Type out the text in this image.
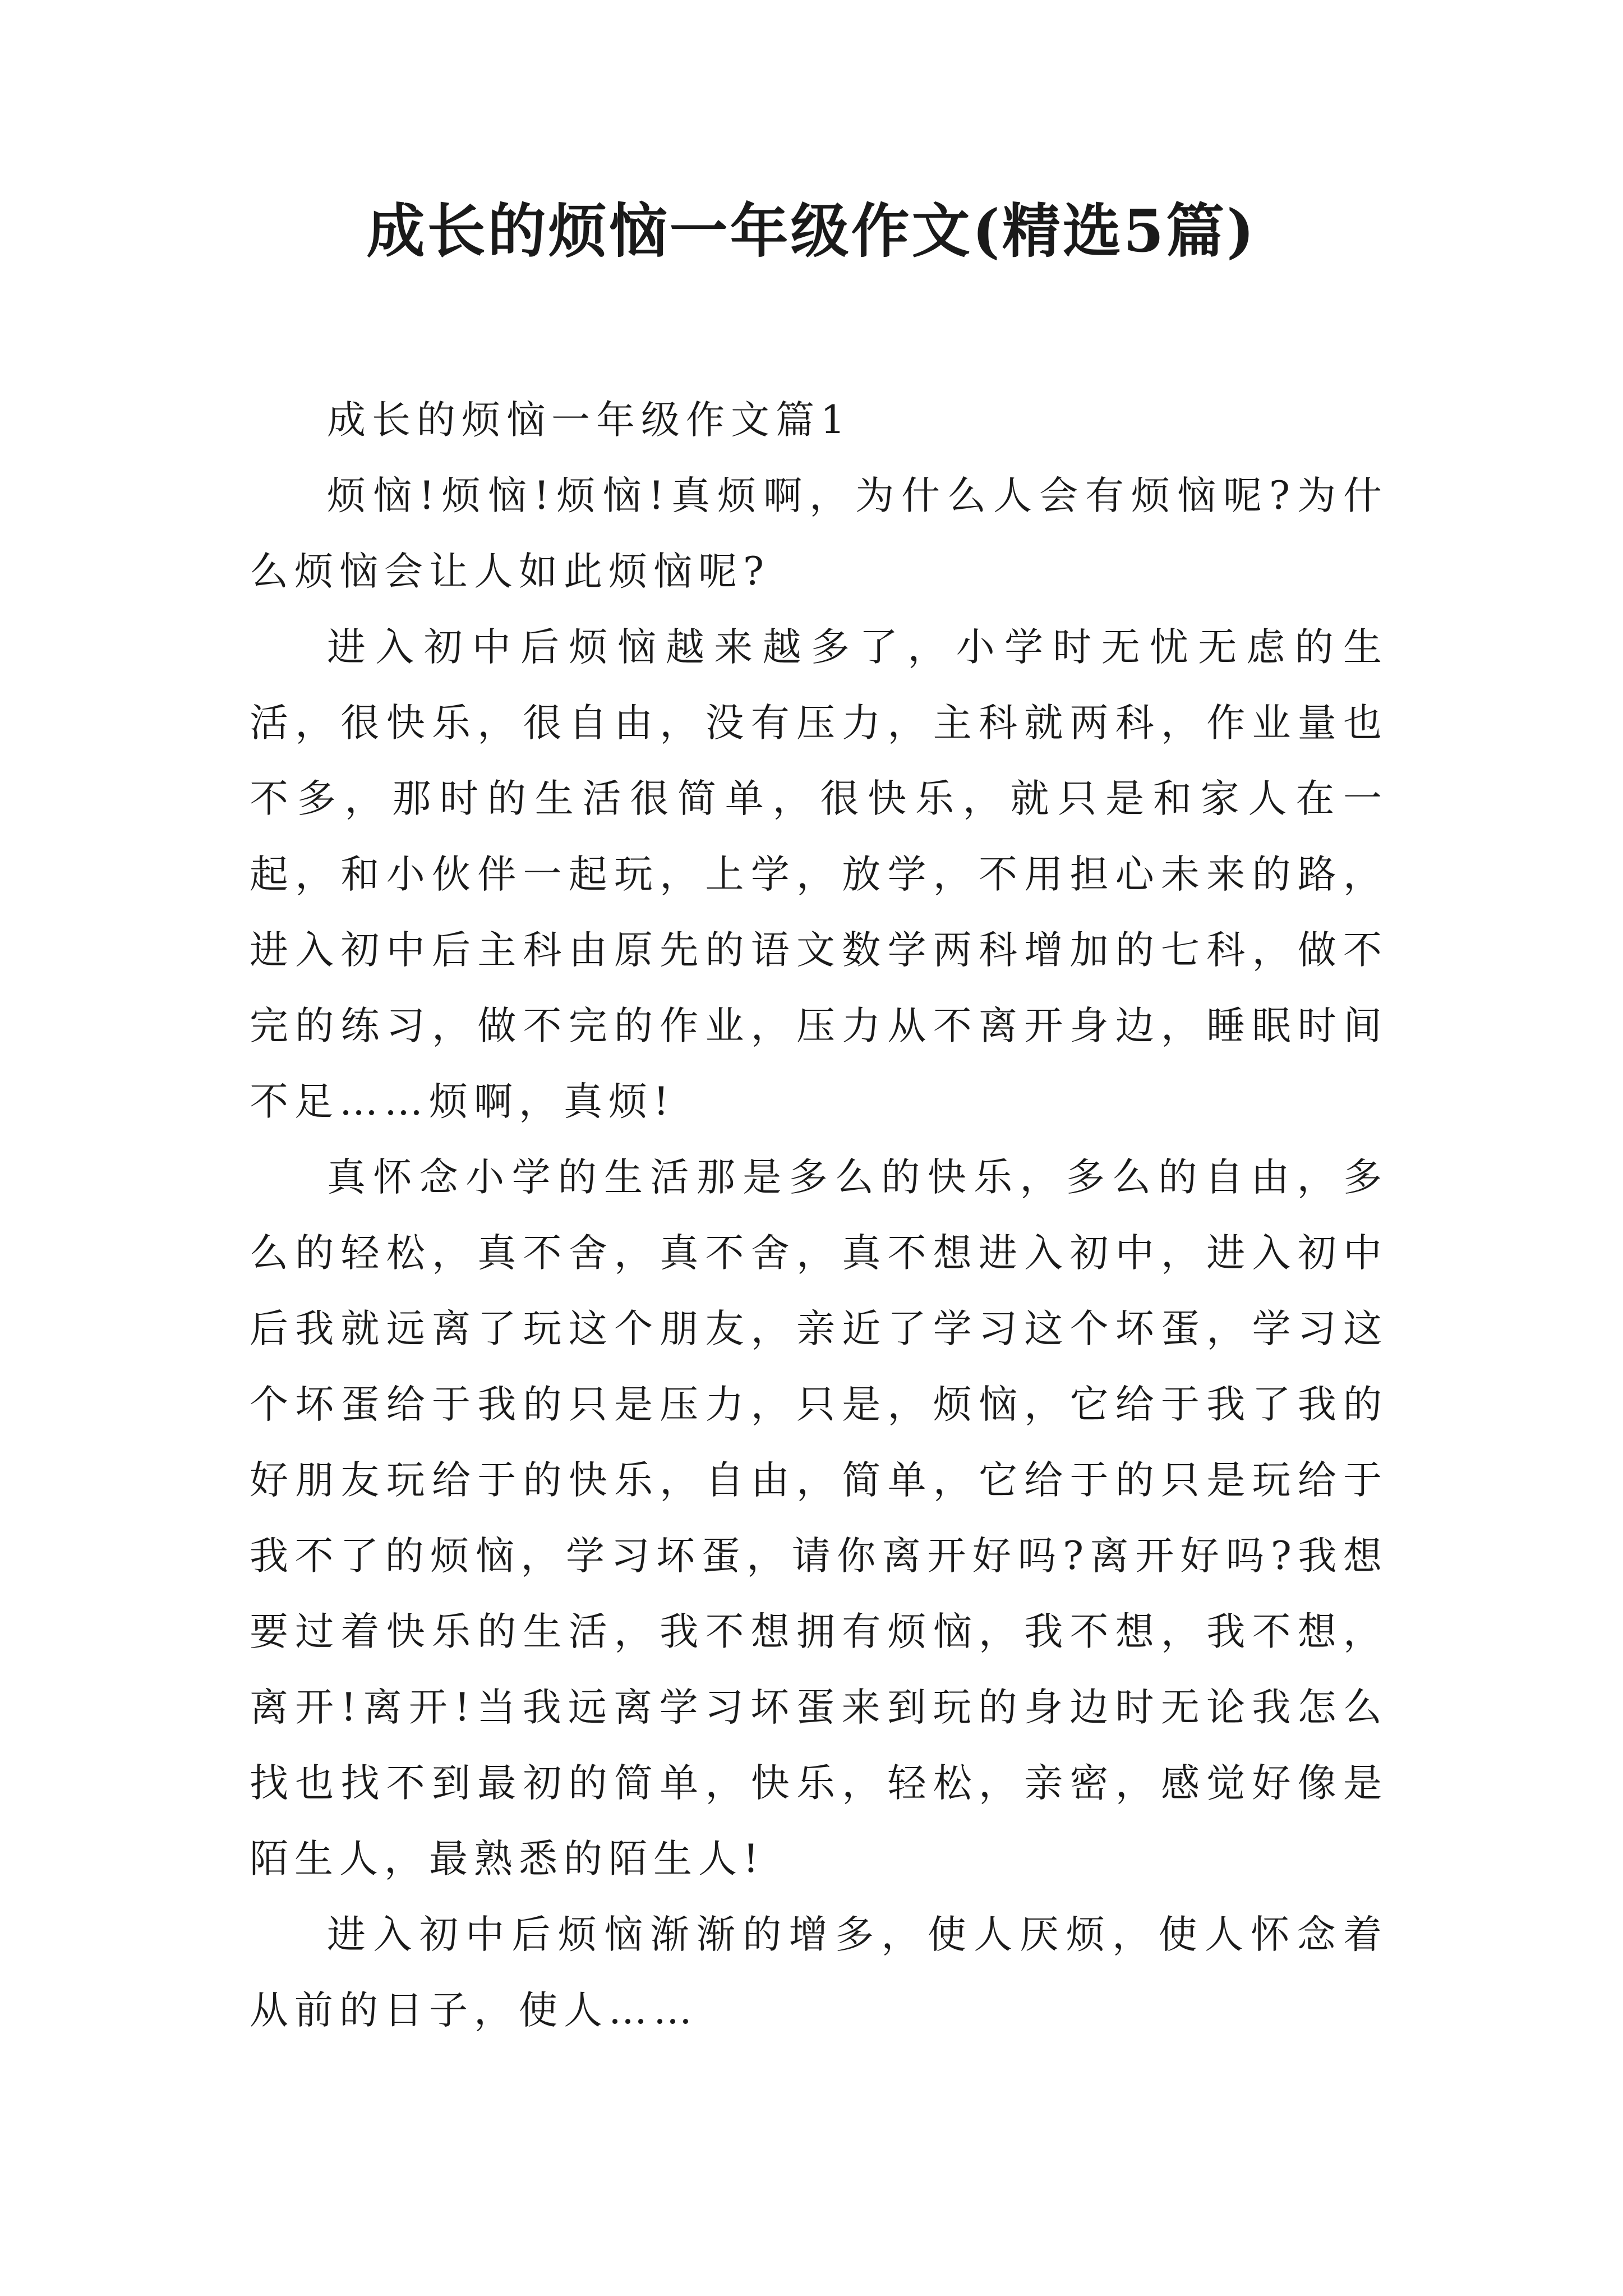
成长的烦恼一年级作文(精选5篇)

成长的烦恼一年级作文篇1

烦恼!烦恼!烦恼!真烦啊，为什么人会有烦恼呢?为什么烦恼会让人如此烦恼呢?

进入初中后烦恼越来越多了，小学时无忧无虑的生活，很快乐，很自由，没有压力，主科就两科，作业量也不多，那时的生活很简单，很快乐，就只是和家人在一起，和小伙伴一起玩，上学，放学，不用担心未来的路，进入初中后主科由原先的语文数学两科增加的七科，做不完的练习，做不完的作业，压力从不离开身边，睡眠时间不足……烦啊，真烦!

真怀念小学的生活那是多么的快乐，多么的自由，多么的轻松，真不舍，真不舍，真不想进入初中，进入初中后我就远离了玩这个朋友，亲近了学习这个坏蛋，学习这个坏蛋给于我的只是压力，只是，烦恼，它给于我了我的好朋友玩给于的快乐，自由，简单，它给于的只是玩给于我不了的烦恼，学习坏蛋，请你离开好吗?离开好吗?我想要过着快乐的生活，我不想拥有烦恼，我不想，我不想，离开!离开!当我远离学习坏蛋来到玩的身边时无论我怎么找也找不到最初的简单，快乐，轻松，亲密，感觉好像是陌生人，最熟悉的陌生人!

进入初中后烦恼渐渐的增多，使人厌烦，使人怀念着从前的日子，使人……
